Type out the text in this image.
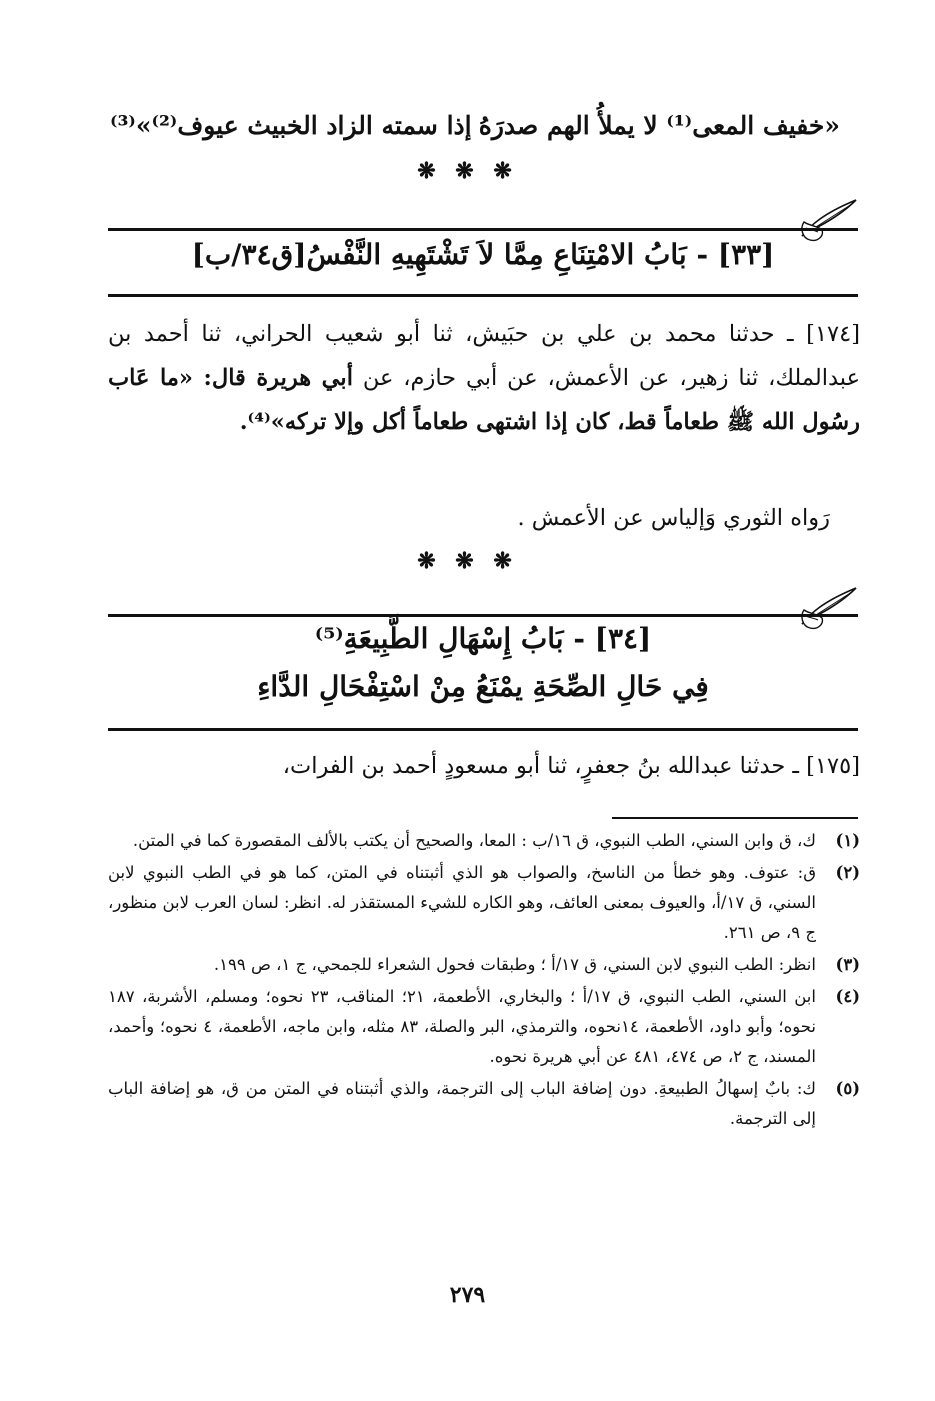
«خفيف المعى⁽¹⁾ لا يملأُ الهم صدرَهُ
إذا سمته الزاد الخبيث عيوف⁽²⁾»⁽³⁾
❋ ❋ ❋
[٣٣] - بَابُ الامْتِنَاعِ مِمَّا لاَ تَشْتَهِيهِ النَّفْسُ[ق٣٤/ب]
[١٧٤] ـ حدثنا محمد بن علي بن حبَيش، ثنا أبو شعيب الحراني، ثنا أحمد بن عبدالملك، ثنا زهير، عن الأعمش، عن أبي حازم، عن أبي هريرة قال: «ما عَاب رسُول الله ﷺ طعاماً قط، كان إذا اشتهى طعاماً أكل وإلا تركه»⁽⁴⁾.
رَواه الثوري وَإلياس عن الأعمش .
❋ ❋ ❋
[٣٤] - بَابُ إِسْهَالِ الطَّبِيعَةِ⁽⁵⁾
فِي حَالِ الصِّحَةِ يمْنَعُ مِنْ اسْتِفْحَالِ الدَّاءِ
[١٧٥] ـ حدثنا عبدالله بنُ جعفرٍ، ثنا أبو مسعودٍ أحمد بن الفرات،
(١)
ك، ق وابن السني، الطب النبوي، ق ١٦/ب : المعا، والصحيح أن يكتب بالألف المقصورة كما في المتن.
(٢)
ق: عتوف. وهو خطأ من الناسخ، والصواب هو الذي أثبتناه في المتن، كما هو في الطب النبوي لابن السني، ق ١٧/أ، والعيوف بمعنى العائف، وهو الكاره للشيء المستقذر له. انظر: لسان العرب لابن منظور، ج ٩، ص ٢٦١.
(٣)
انظر: الطب النبوي لابن السني، ق ١٧/أ ؛ وطبقات فحول الشعراء للجمحي، ج ١، ص ١٩٩.
(٤)
ابن السني، الطب النبوي، ق ١٧/أ ؛ والبخاري، الأطعمة، ٢١؛ المناقب، ٢٣ نحوه؛ ومسلم، الأشربة، ١٨٧ نحوه؛ وأبو داود، الأطعمة، ١٤نحوه، والترمذي، البر والصلة، ٨٣ مثله، وابن ماجه، الأطعمة، ٤ نحوه؛ وأحمد، المسند، ج ٢، ص ٤٧٤، ٤٨١ عن أبي هريرة نحوه.
(٥)
ك: بابٌ إسهالُ الطبيعةِ. دون إضافة الباب إلى الترجمة، والذي أثبتناه في المتن من ق، هو إضافة الباب إلى الترجمة.
٢٧٩
